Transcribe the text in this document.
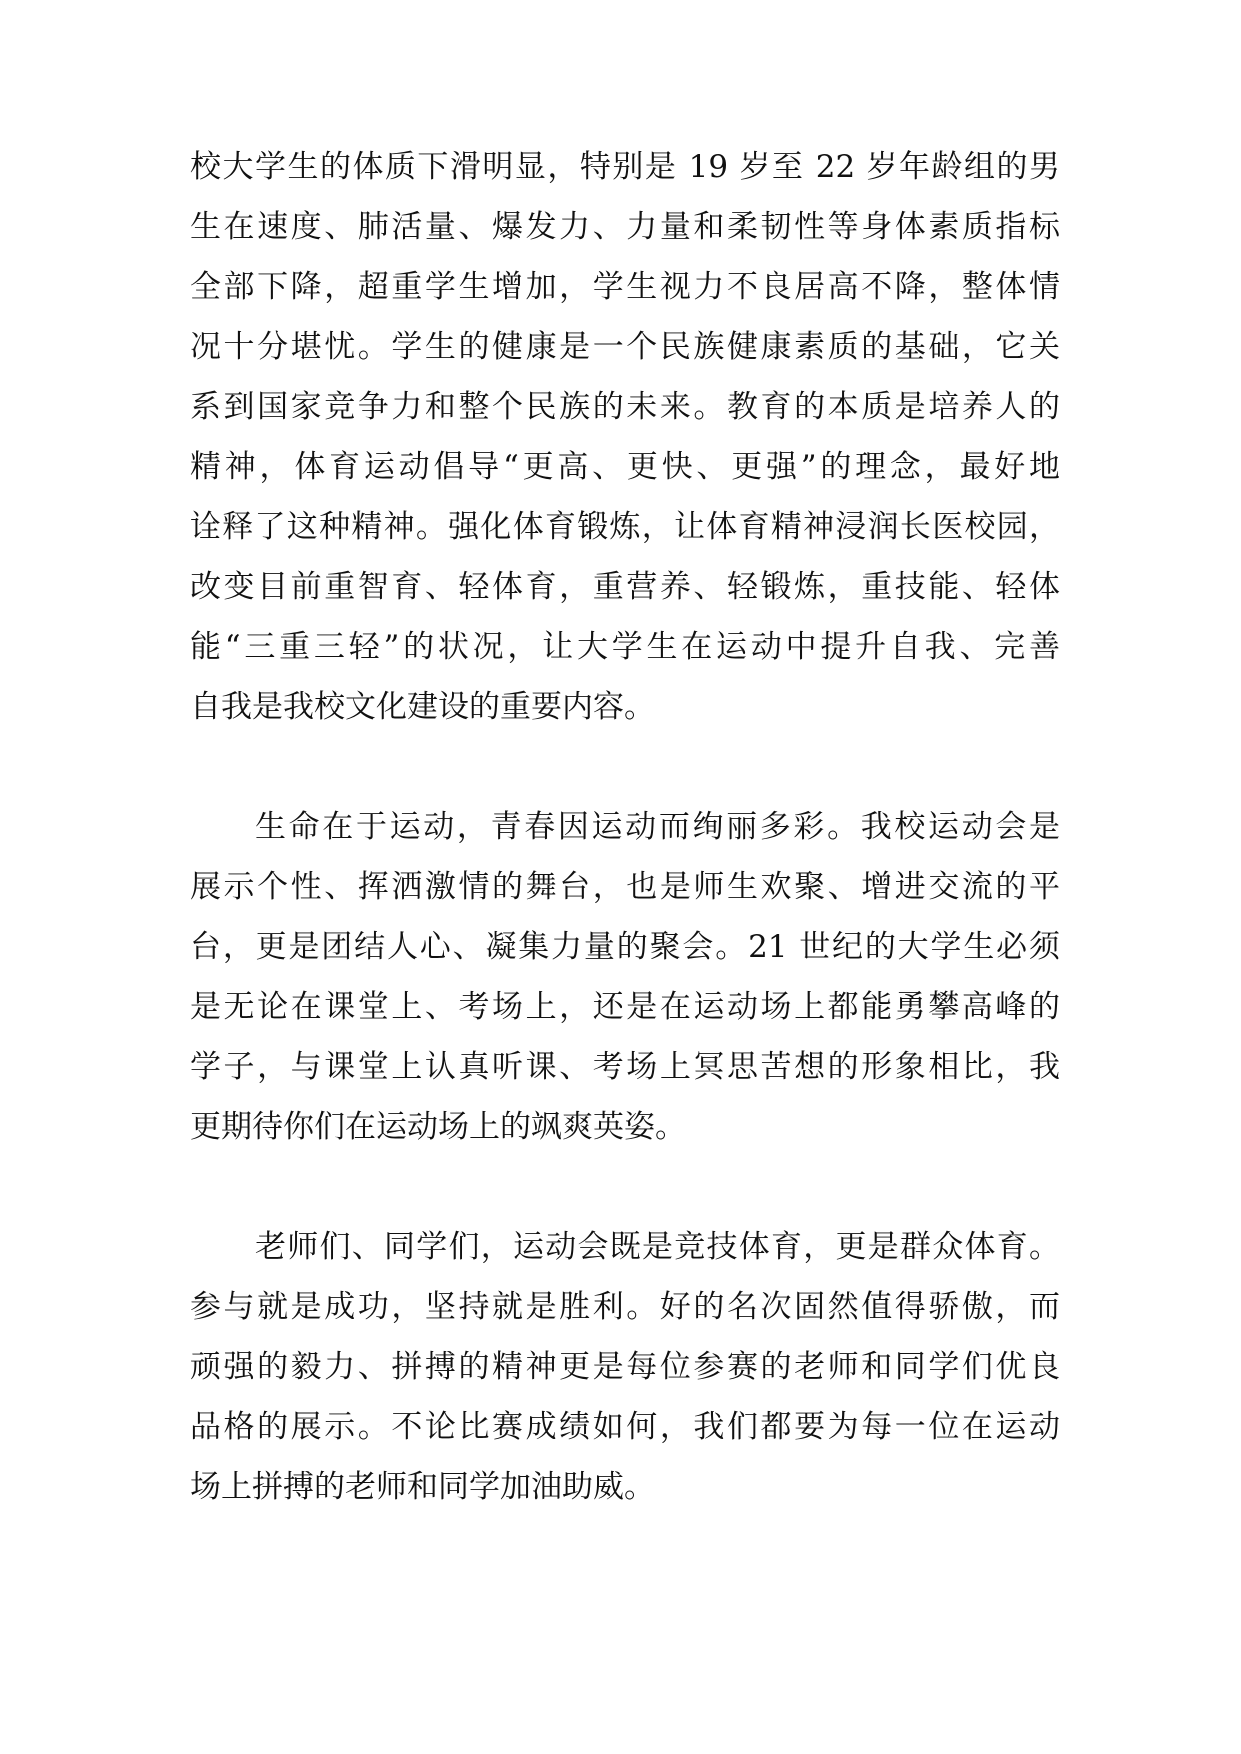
校大学生的体质下滑明显，特别是 19 岁至 22 岁年龄组的男
生在速度、肺活量、爆发力、力量和柔韧性等身体素质指标
全部下降，超重学生增加，学生视力不良居高不降，整体情
况十分堪忧。学生的健康是一个民族健康素质的基础，它关
系到国家竞争力和整个民族的未来。教育的本质是培养人的
精神，体育运动倡导“更高、更快、更强”的理念，最好地
诠释了这种精神。强化体育锻炼，让体育精神浸润长医校园，
改变目前重智育、轻体育，重营养、轻锻炼，重技能、轻体
能“三重三轻”的状况，让大学生在运动中提升自我、完善
自我是我校文化建设的重要内容。
生命在于运动，青春因运动而绚丽多彩。我校运动会是
展示个性、挥洒激情的舞台，也是师生欢聚、增进交流的平
台，更是团结人心、凝集力量的聚会。21 世纪的大学生必须
是无论在课堂上、考场上，还是在运动场上都能勇攀高峰的
学子，与课堂上认真听课、考场上冥思苦想的形象相比，我
更期待你们在运动场上的飒爽英姿。
老师们、同学们，运动会既是竞技体育，更是群众体育。
参与就是成功，坚持就是胜利。好的名次固然值得骄傲，而
顽强的毅力、拼搏的精神更是每位参赛的老师和同学们优良
品格的展示。不论比赛成绩如何，我们都要为每一位在运动
场上拼搏的老师和同学加油助威。
